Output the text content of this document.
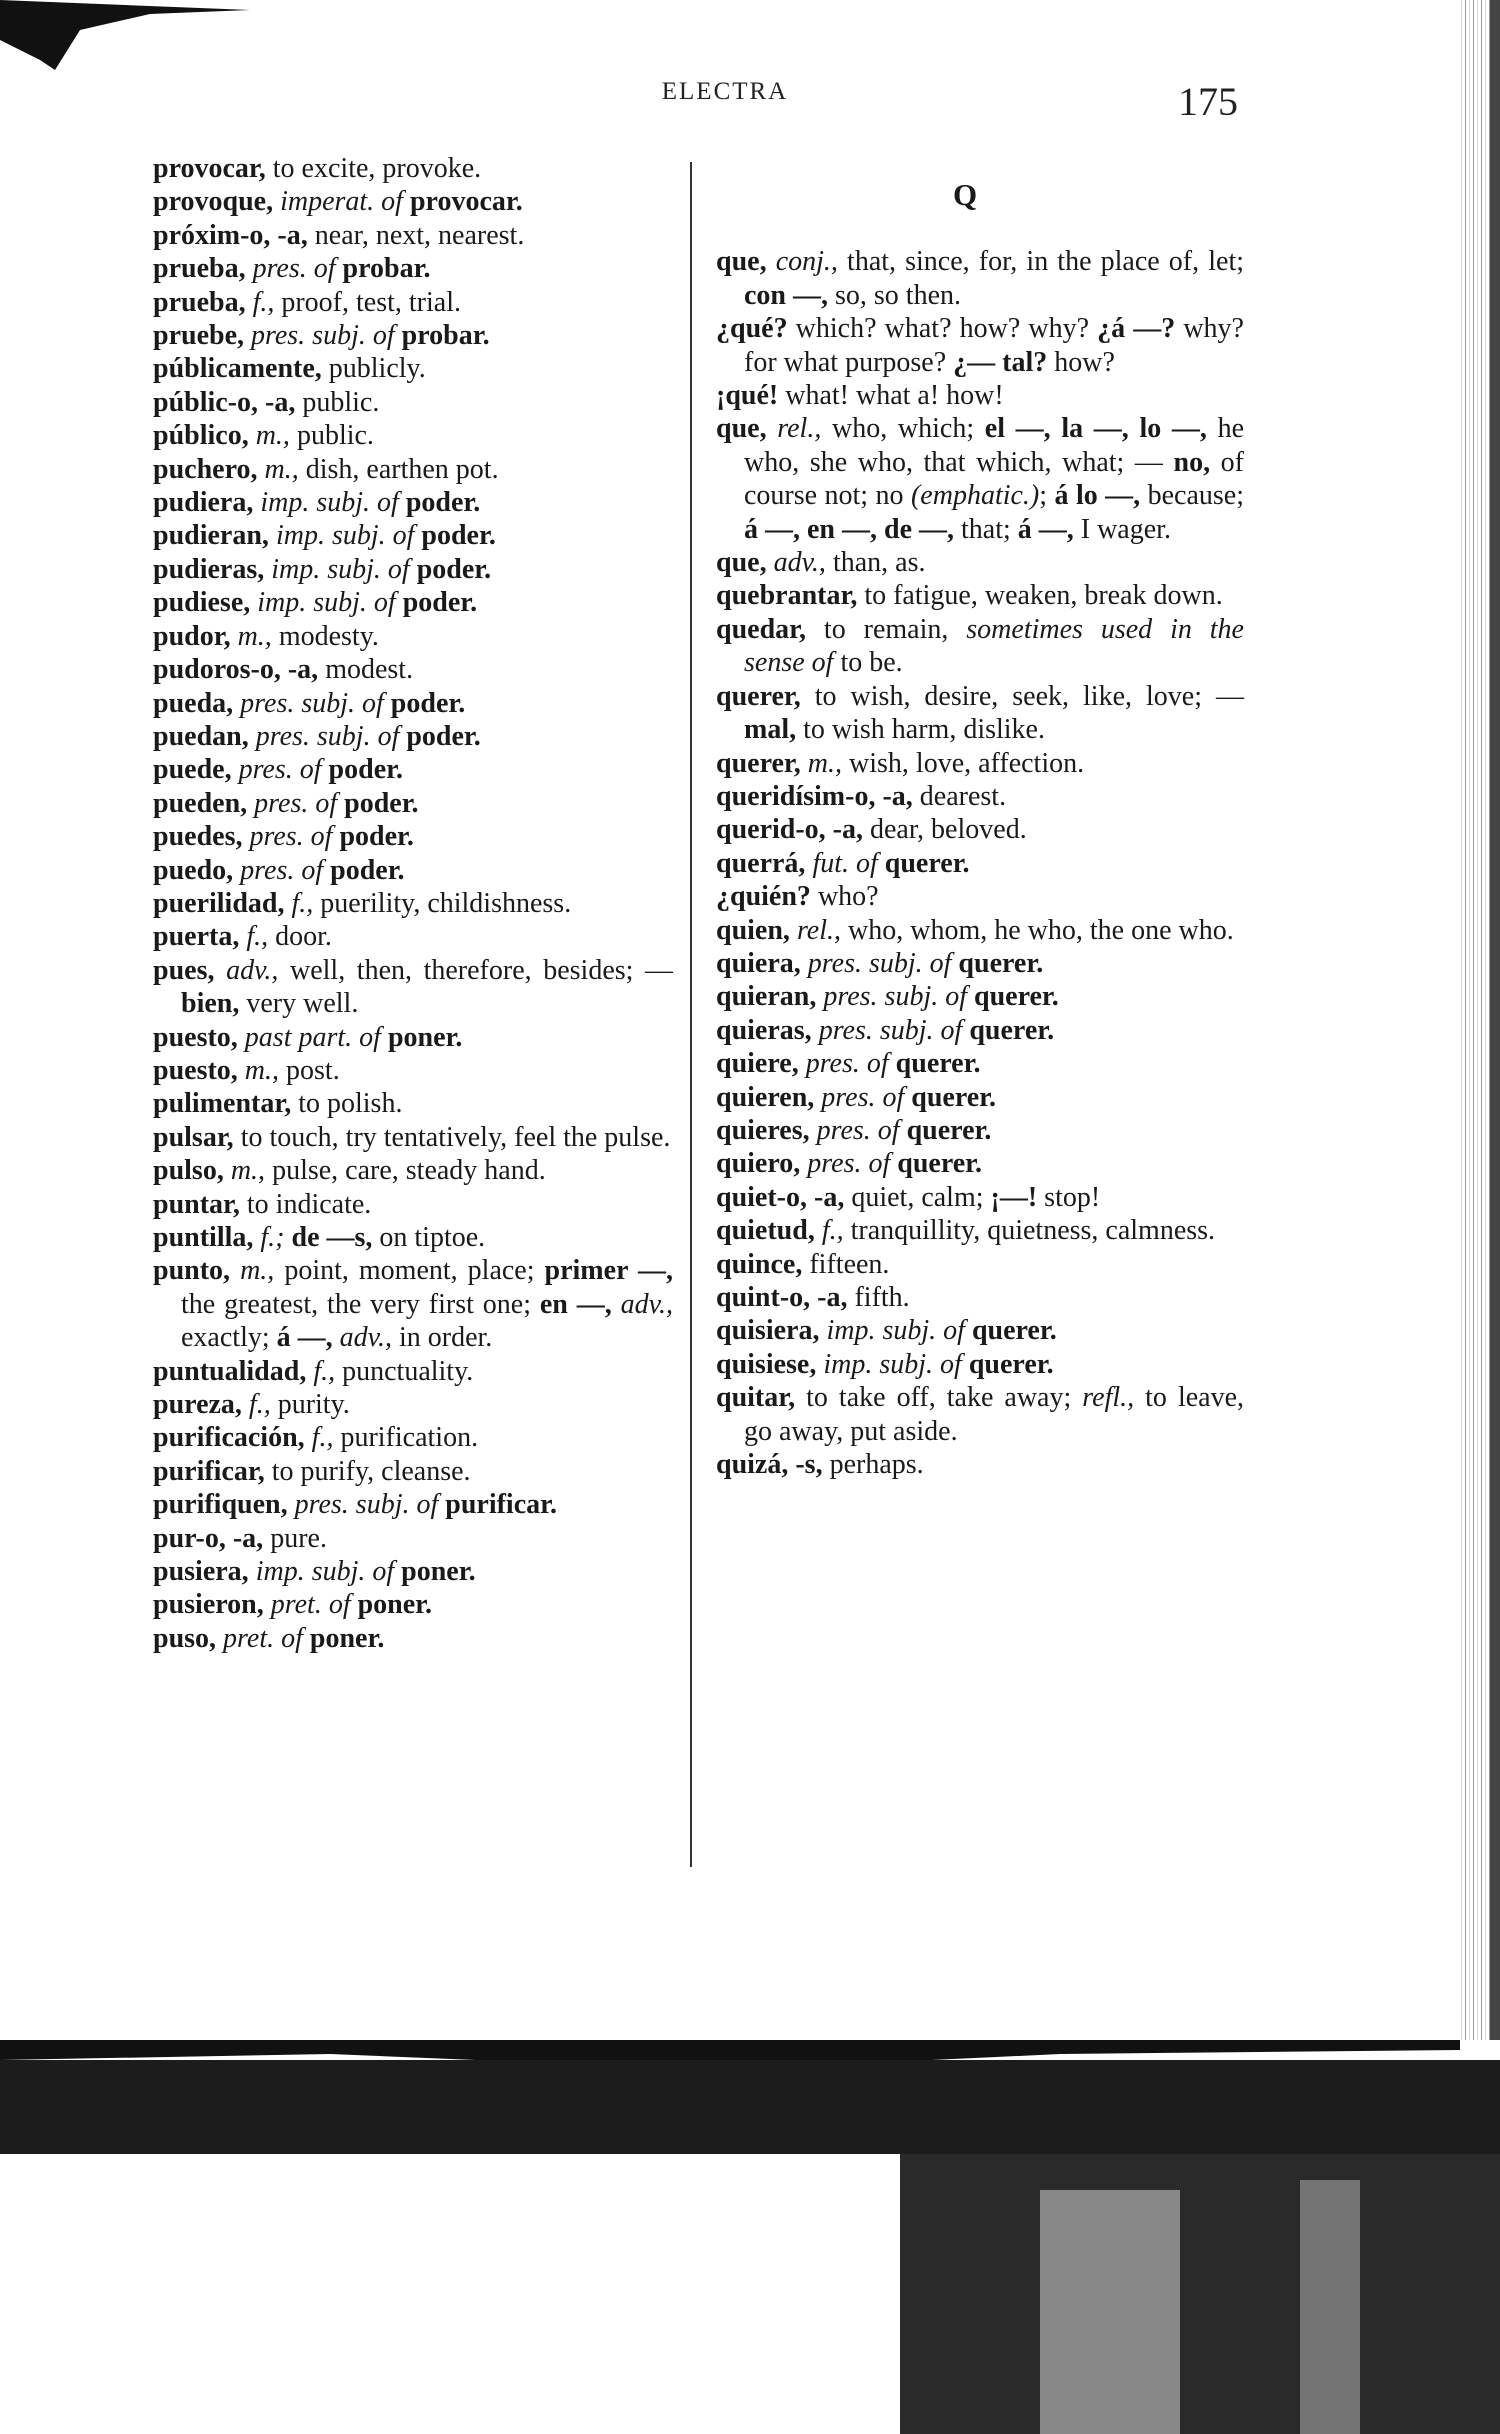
ELECTRA	175
provocar, to excite, provoke.
provoque, imperat. of provocar.
próxim-o, -a, near, next, nearest.
prueba, pres. of probar.
prueba, f., proof, test, trial.
pruebe, pres. subj. of probar.
públicamente, publicly.
públic-o, -a, public.
público, m., public.
puchero, m., dish, earthen pot.
pudiera, imp. subj. of poder.
pudieran, imp. subj. of poder.
pudieras, imp. subj. of poder.
pudiese, imp. subj. of poder.
pudor, m., modesty.
pudoros-o, -a, modest.
pueda, pres. subj. of poder.
puedan, pres. subj. of poder.
puede, pres. of poder.
pueden, pres. of poder.
puedes, pres. of poder.
puedo, pres. of poder.
puerilidad, f., puerility, childishness.
puerta, f., door.
pues, adv., well, then, therefore, besides; — bien, very well.
puesto, past part. of poner.
puesto, m., post.
pulimentar, to polish.
pulsar, to touch, try tentatively, feel the pulse.
pulso, m., pulse, care, steady hand.
puntar, to indicate.
puntilla, f.; de —s, on tiptoe.
punto, m., point, moment, place; primer —, the greatest, the very first one; en —, adv., exactly; á —, adv., in order.
puntualidad, f., punctuality.
pureza, f., purity.
purificación, f., purification.
purificar, to purify, cleanse.
purifiquen, pres. subj. of purificar.
pur-o, -a, pure.
pusiera, imp. subj. of poner.
pusieron, pret. of poner.
puso, pret. of poner.
Q
que, conj., that, since, for, in the place of, let; con —, so, so then.
¿qué? which? what? how? why? ¿á —? why? for what purpose? ¿— tal? how?
¡qué! what! what a! how!
que, rel., who, which; el —, la —, lo —, he who, she who, that which, what; — no, of course not; no (emphatic.); á lo —, because; á —, en —, de —, that; á —, I wager.
que, adv., than, as.
quebrantar, to fatigue, weaken, break down.
quedar, to remain, sometimes used in the sense of to be.
querer, to wish, desire, seek, like, love; — mal, to wish harm, dislike.
querer, m., wish, love, affection.
queridísim-o, -a, dearest.
querid-o, -a, dear, beloved.
querrá, fut. of querer.
¿quién? who?
quien, rel., who, whom, he who, the one who.
quiera, pres. subj. of querer.
quieran, pres. subj. of querer.
quieras, pres. subj. of querer.
quiere, pres. of querer.
quieren, pres. of querer.
quieres, pres. of querer.
quiero, pres. of querer.
quiet-o, -a, quiet, calm; ¡—! stop!
quietud, f., tranquillity, quietness, calmness.
quince, fifteen.
quint-o, -a, fifth.
quisiera, imp. subj. of querer.
quisiese, imp. subj. of querer.
quitar, to take off, take away; refl., to leave, go away, put aside.
quizá, -s, perhaps.
